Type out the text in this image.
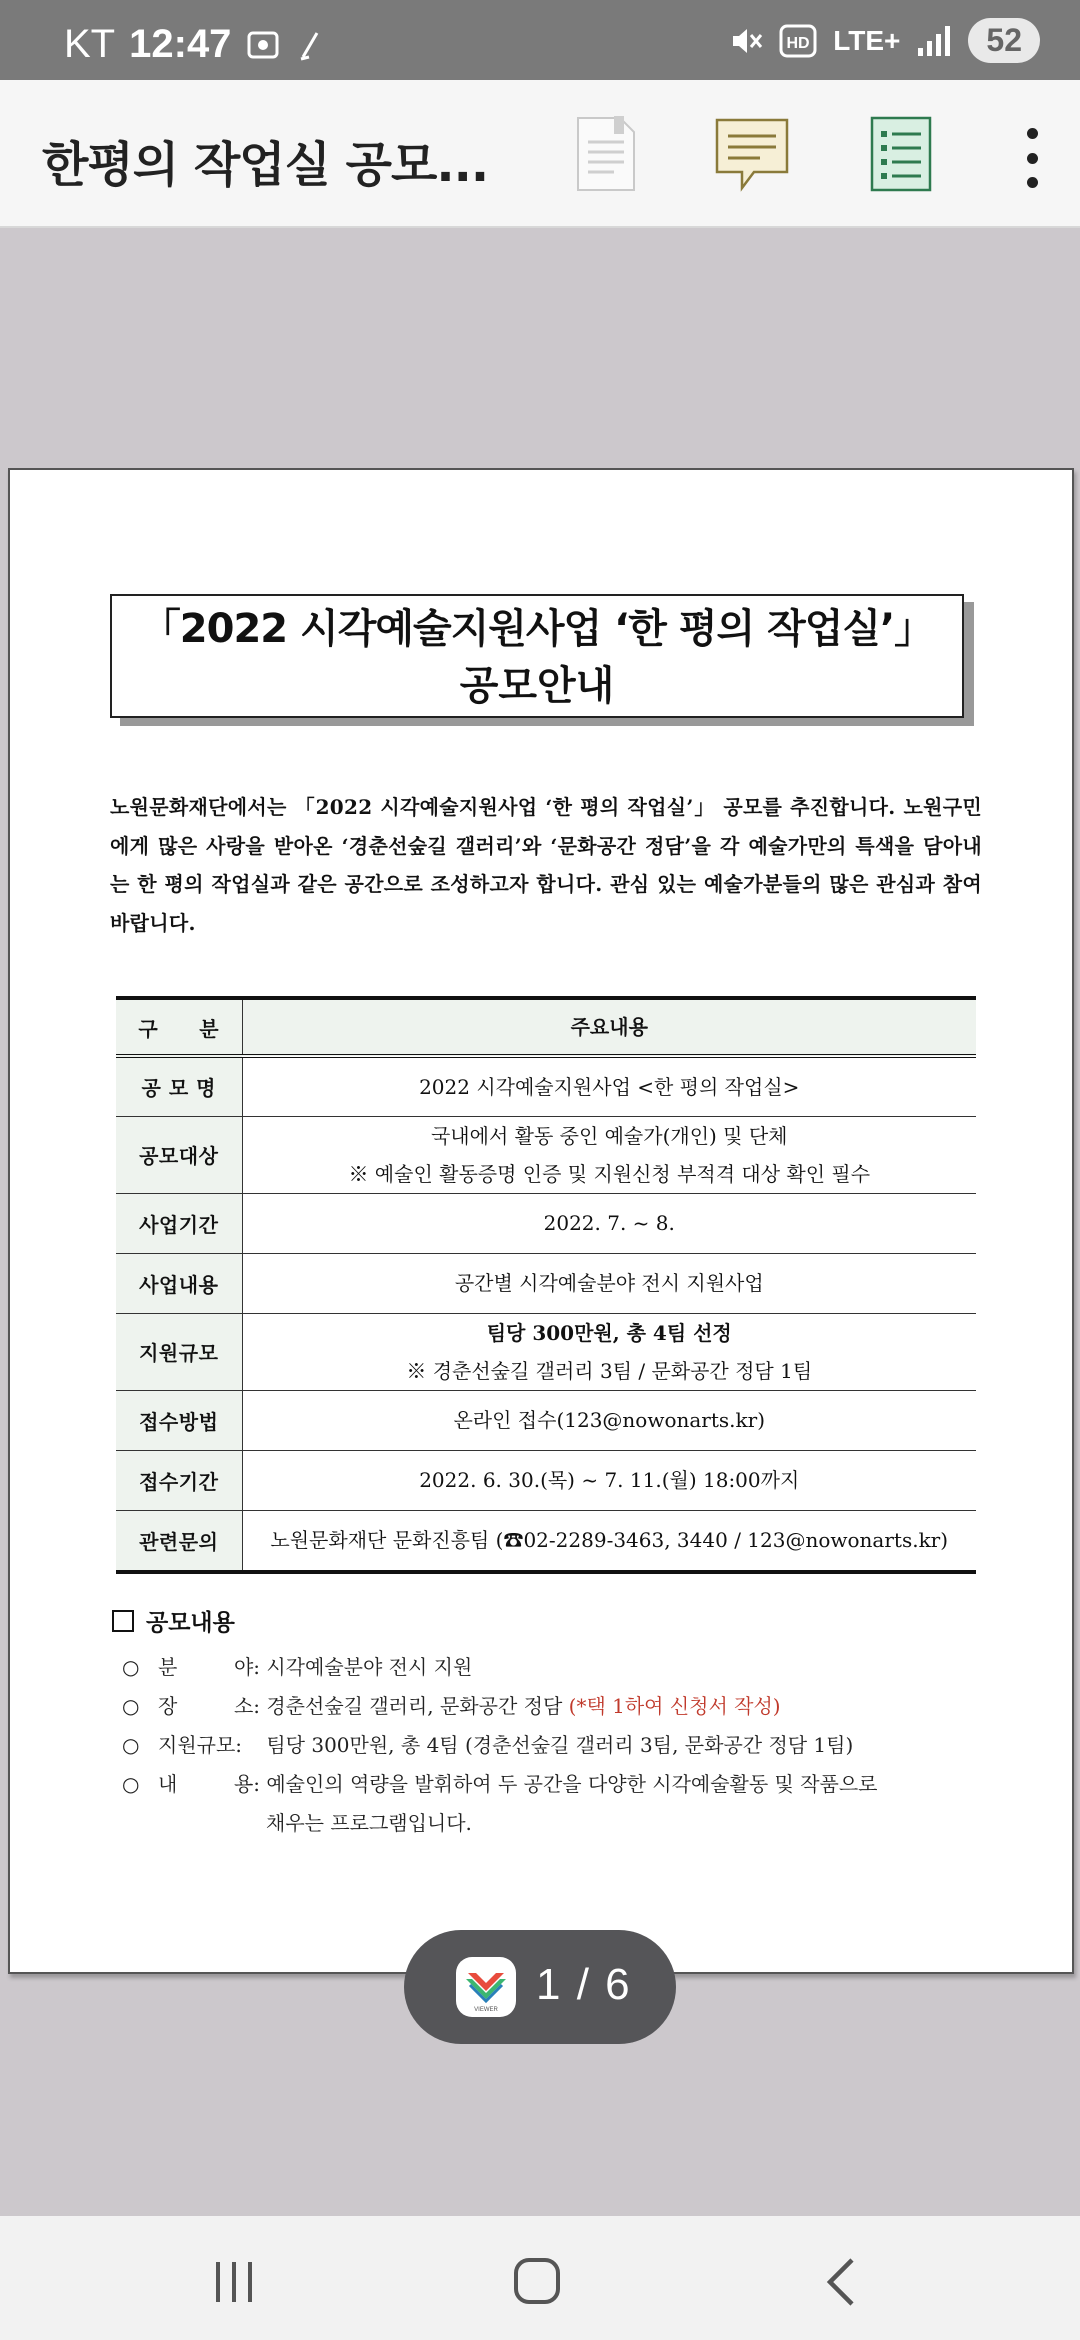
KT 12:47	HD LTE+	52
한평의 작업실 공모...
「2022 시각예술지원사업 ‘한 평의 작업실’」
공모안내
노원문화재단에서는 「2022 시각예술지원사업 ‘한 평의 작업실’」 공모를 추진합니다. 노원구민에게 많은 사랑을 받아온 ‘경춘선숲길 갤러리’와 ‘문화공간 정담’을 각 예술가만의 특색을 담아내는 한 평의 작업실과 같은 공간으로 조성하고자 합니다. 관심 있는 예술가분들의 많은 관심과 참여 바랍니다.
구　　분	주요내용
공 모 명	2022 시각예술지원사업 <한 평의 작업실>
공모대상	국내에서 활동 중인 예술가(개인) 및 단체
※ 예술인 활동증명 인증 및 지원신청 부적격 대상 확인 필수

사업기간	2022. 7. ~ 8.
사업내용	공간별 시각예술분야 전시 지원사업
지원규모	팀당 300만원, 총 4팀 선정
※ 경춘선숲길 갤러리 3팀 / 문화공간 정담 1팀

접수방법	온라인 접수(123@nowonarts.kr)
접수기간	2022. 6. 30.(목) ~ 7. 11.(월) 18:00까지
관련문의	노원문화재단 문화진흥팀 (☎02-2289-3463, 3440 / 123@nowonarts.kr)
공모내용
○ 분	야: 시각예술분야 전시 지원
○ 장	소: 경춘선숲길 갤러리, 문화공간 정담 (*택 1하여 신청서 작성)
○ 지원규모:	팀당 300만원, 총 4팀 (경춘선숲길 갤러리 3팀, 문화공간 정담 1팀)
○ 내	용: 예술인의 역량을 발휘하여 두 공간을 다양한 시각예술활동 및 작품으로
채우는 프로그램입니다.
VIEWER
1 / 6
